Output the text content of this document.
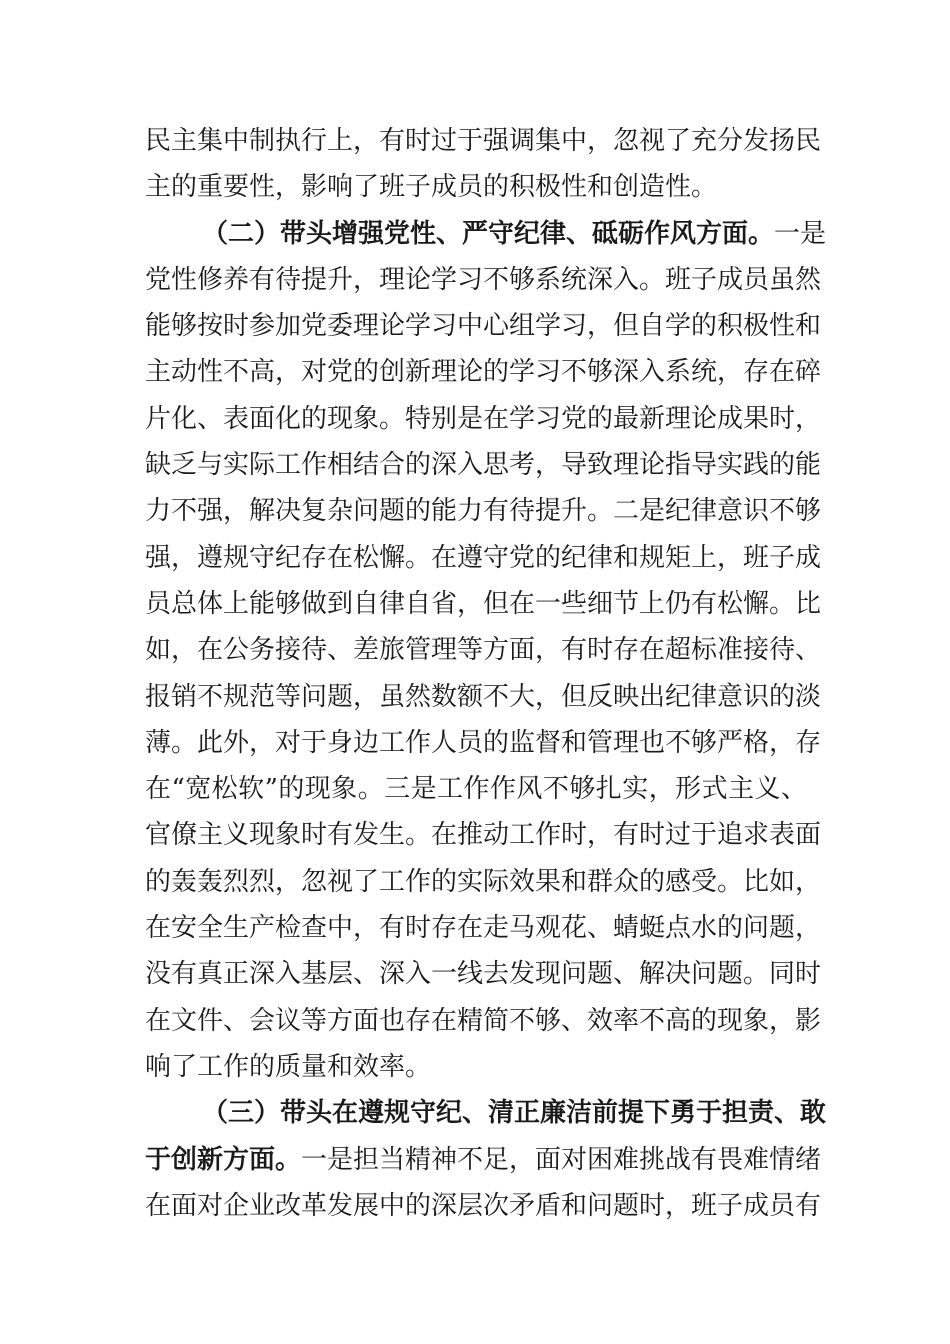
民主集中制执行上，有时过于强调集中，忽视了充分发扬民
主的重要性，影响了班子成员的积极性和创造性。
（二）带头增强党性、严守纪律、砥砺作风方面。一是
党性修养有待提升，理论学习不够系统深入。班子成员虽然
能够按时参加党委理论学习中心组学习，但自学的积极性和
主动性不高，对党的创新理论的学习不够深入系统，存在碎
片化、表面化的现象。特别是在学习党的最新理论成果时，
缺乏与实际工作相结合的深入思考，导致理论指导实践的能
力不强，解决复杂问题的能力有待提升。二是纪律意识不够
强，遵规守纪存在松懈。在遵守党的纪律和规矩上，班子成
员总体上能够做到自律自省，但在一些细节上仍有松懈。比
如，在公务接待、差旅管理等方面，有时存在超标准接待、
报销不规范等问题，虽然数额不大，但反映出纪律意识的淡
薄。此外，对于身边工作人员的监督和管理也不够严格，存
在“宽松软”的现象。三是工作作风不够扎实，形式主义、
官僚主义现象时有发生。在推动工作时，有时过于追求表面
的轰轰烈烈，忽视了工作的实际效果和群众的感受。比如，
在安全生产检查中，有时存在走马观花、蜻蜓点水的问题，
没有真正深入基层、深入一线去发现问题、解决问题。同时
在文件、会议等方面也存在精简不够、效率不高的现象，影
响了工作的质量和效率。
（三）带头在遵规守纪、清正廉洁前提下勇于担责、敢
于创新方面。一是担当精神不足，面对困难挑战有畏难情绪
在面对企业改革发展中的深层次矛盾和问题时，班子成员有
